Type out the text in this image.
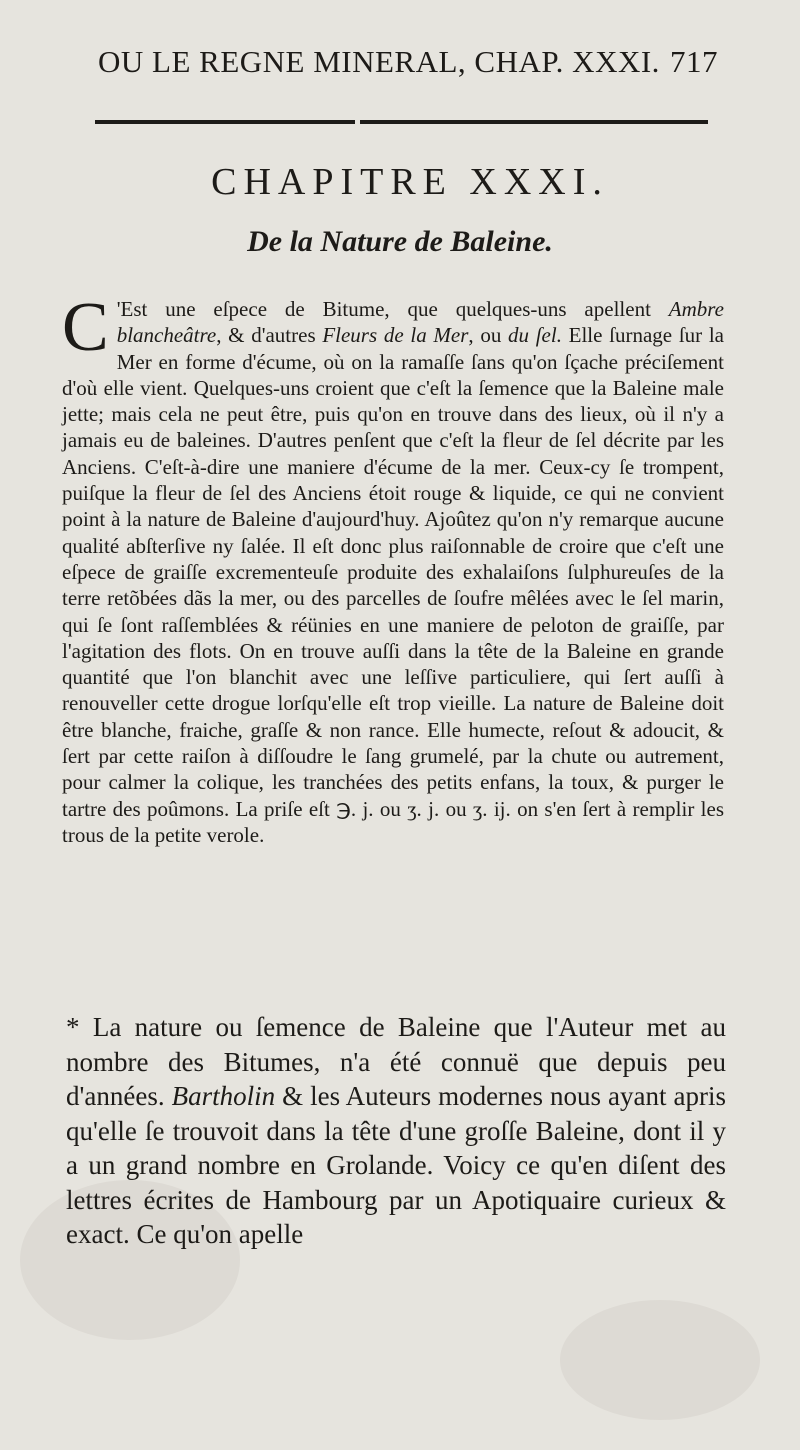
OU LE REGNE MINERAL, CHAP. XXXI. 717
CHAPITRE XXXI.
De la Nature de Baleine.
C 'Est une eſpece de Bitume, que quelques-uns apellent Ambre blancheâtre, & d'autres Fleurs de la Mer, ou du ſel. Elle ſurnage ſur la Mer en forme d'écume, où on la ramaſſe ſans qu'on ſçache préciſement d'où elle vient. Quelques-uns croient que c'eſt la ſemence que la Baleine male jette; mais cela ne peut être, puis qu'on en trouve dans des lieux, où il n'y a jamais eu de baleines. D'autres penſent que c'eſt la fleur de ſel décrite par les Anciens. C'eſt-à-dire une maniere d'écume de la mer. Ceux-cy ſe trompent, puiſque la fleur de ſel des Anciens étoit rouge & liquide, ce qui ne convient point à la nature de Baleine d'aujourd'huy. Ajoûtez qu'on n'y remarque aucune qualité abſterſive ny ſalée. Il eſt donc plus raiſonnable de croire que c'eſt une eſpece de graiſſe excrementeuſe produite des exhalaiſons ſulphureuſes de la terre retõbées dãs la mer, ou des parcelles de ſoufre mêlées avec le ſel marin, qui ſe ſont raſſemblées & réünies en une maniere de peloton de graiſſe, par l'agitation des flots. On en trouve auſſi dans la tête de la Baleine en grande quantité que l'on blanchit avec une leſſive particuliere, qui ſert auſſi à renouveller cette drogue lorſqu'elle eſt trop vieille. La nature de Baleine doit être blanche, fraiche, graſſe & non rance. Elle humecte, reſout & adoucit, & ſert par cette raiſon à diſſoudre le ſang grumelé, par la chute ou autrement, pour calmer la colique, les tranchées des petits enfans, la toux, & purger le tartre des poûmons. La priſe eſt ℈. j. ou ʒ. j. ou ʒ. ij. on s'en ſert à remplir les trous de la petite verole.
* La nature ou ſemence de Baleine que l'Auteur met au nombre des Bitumes, n'a été connuë que depuis peu d'années. Bartholin & les Auteurs modernes nous ayant apris qu'elle ſe trouvoit dans la tête d'une groſſe Baleine, dont il y a un grand nombre en Grolande. Voicy ce qu'en diſent des lettres écrites de Hambourg par un Apotiquaire curieux & exact. Ce qu'on apelle
